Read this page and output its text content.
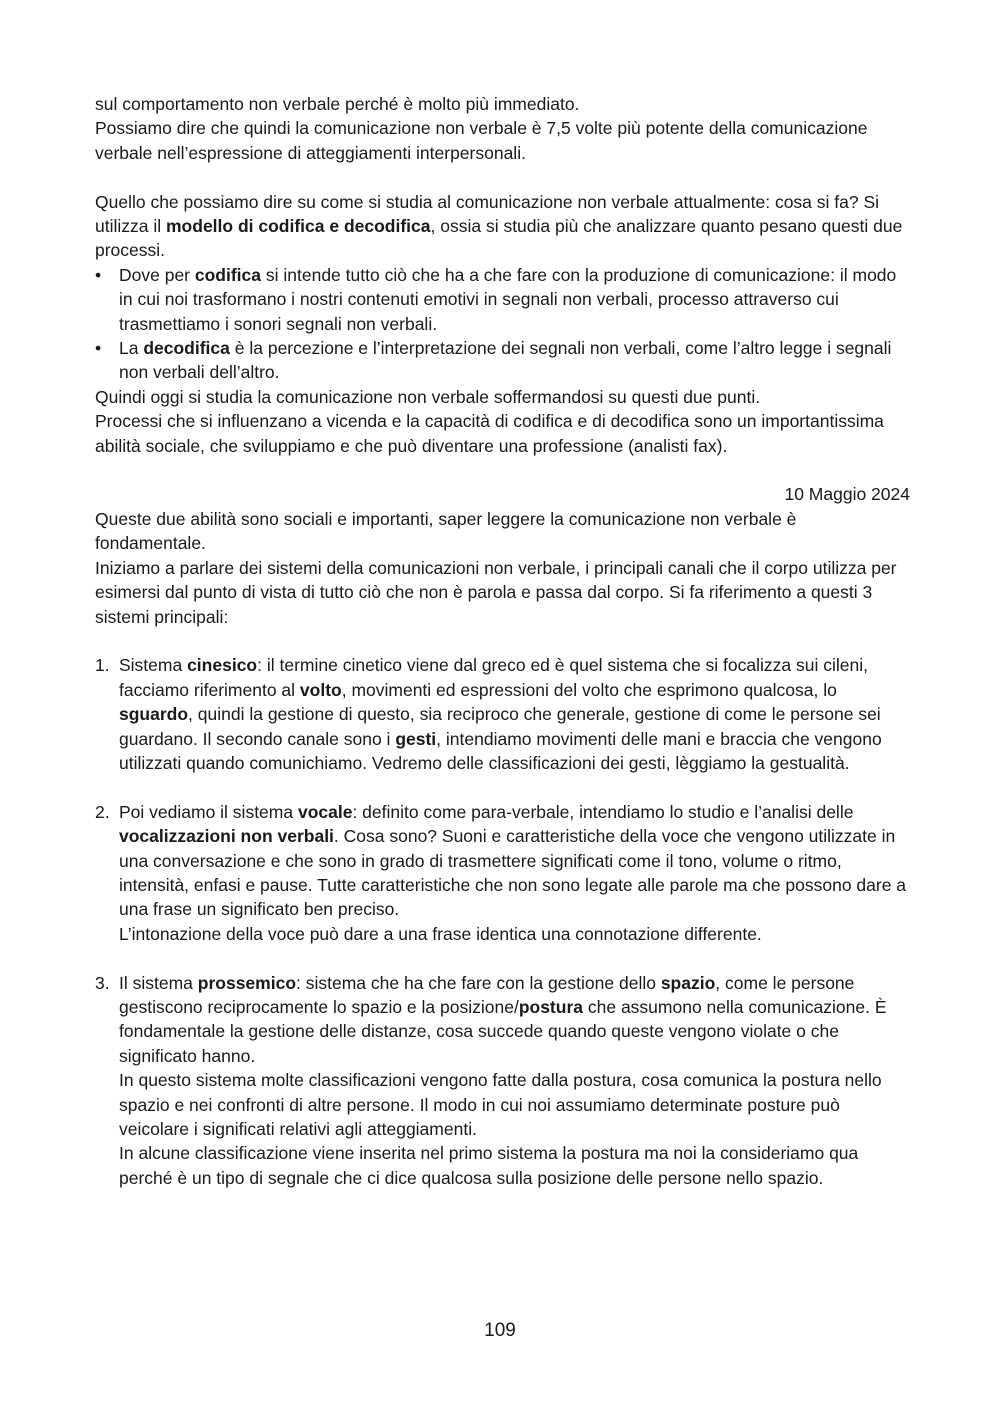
sul comportamento non verbale perché è molto più immediato.

Possiamo dire che quindi la comunicazione non verbale è 7,5 volte più potente della comunicazione verbale nell’espressione di atteggiamenti interpersonali.

Quello che possiamo dire su come si studia al comunicazione non verbale attualmente: cosa si fa? Si utilizza il modello di codifica e decodifica, ossia si studia più che analizzare quanto pesano questi due processi.

• Dove per codifica si intende tutto ciò che ha a che fare con la produzione di comunicazione: il modo in cui noi trasformano i nostri contenuti emotivi in segnali non verbali, processo attraverso cui trasmettiamo i sonori segnali non verbali.
• La decodifica è la percezione e l’interpretazione dei segnali non verbali, come l’altro legge i segnali non verbali dell’altro.

Quindi oggi si studia la comunicazione non verbale soffermandosi su questi due punti.

Processi che si influenzano a vicenda e la capacità di codifica e di decodifica sono un importantissima abilità sociale, che sviluppiamo e che può diventare una professione (analisti fax).

10 Maggio 2024

Queste due abilità sono sociali e importanti, saper leggere la comunicazione non verbale è fondamentale.

Iniziamo a parlare dei sistemi della comunicazioni non verbale, i principali canali che il corpo utilizza per esimersi dal punto di vista di tutto ciò che non è parola e passa dal corpo. Si fa riferimento a questi 3 sistemi principali:

1. Sistema cinesico: il termine cinetico viene dal greco ed è quel sistema che si focalizza sui cileni, facciamo riferimento al volto, movimenti ed espressioni del volto che esprimono qualcosa, lo sguardo, quindi la gestione di questo, sia reciproco che generale, gestione di come le persone sei guardano. Il secondo canale sono i gesti, intendiamo movimenti delle mani e braccia che vengono utilizzati quando comunichiamo. Vedremo delle classificazioni dei gesti, lèggiamo la gestualità.

2. Poi vediamo il sistema vocale: definito come para-verbale, intendiamo lo studio e l’analisi delle vocalizzazioni non verbali. Cosa sono? Suoni e caratteristiche della voce che vengono utilizzate in una conversazione e che sono in grado di trasmettere significati come il tono, volume o ritmo, intensità, enfasi e pause. Tutte caratteristiche che non sono legate alle parole ma che possono dare a una frase un significato ben preciso.

L’intonazione della voce può dare a una frase identica una connotazione differente.

3. Il sistema prossemico: sistema che ha che fare con la gestione dello spazio, come le persone gestiscono reciprocamente lo spazio e la posizione/postura che assumono nella comunicazione. È fondamentale la gestione delle distanze, cosa succede quando queste vengono violate o che significato hanno.

In questo sistema molte classificazioni vengono fatte dalla postura, cosa comunica la postura nello spazio e nei confronti di altre persone. Il modo in cui noi assumiamo determinate posture può veicolare i significati relativi agli atteggiamenti.

In alcune classificazione viene inserita nel primo sistema la postura ma noi la consideriamo qua perché è un tipo di segnale che ci dice qualcosa sulla posizione delle persone nello spazio.

109
